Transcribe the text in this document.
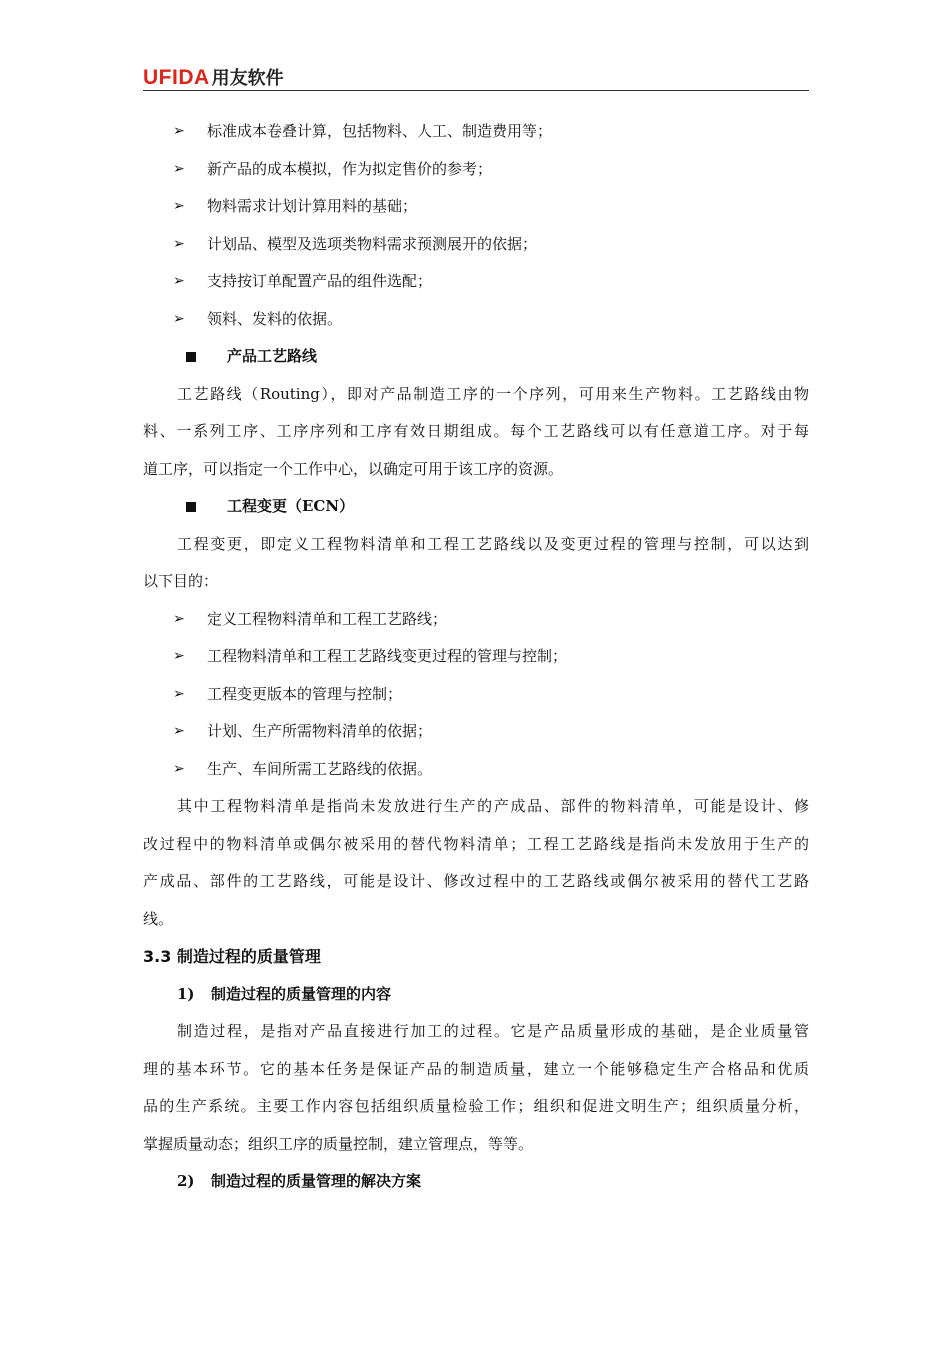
UFIDA 用友软件
➢	标准成本卷叠计算，包括物料、人工、制造费用等；
➢	新产品的成本模拟，作为拟定售价的参考；
➢	物料需求计划计算用料的基础；
➢	计划品、模型及选项类物料需求预测展开的依据；
➢	支持按订单配置产品的组件选配；
➢	领料、发料的依据。
产品工艺路线
工艺路线（Routing），即对产品制造工序的一个序列，可用来生产物料。工艺路线由物
料、一系列工序、工序序列和工序有效日期组成。每个工艺路线可以有任意道工序。对于每
道工序，可以指定一个工作中心，以确定可用于该工序的资源。
工程变更（ECN）
工程变更，即定义工程物料清单和工程工艺路线以及变更过程的管理与控制，可以达到
以下目的：
➢	定义工程物料清单和工程工艺路线；
➢	工程物料清单和工程工艺路线变更过程的管理与控制；
➢	工程变更版本的管理与控制；
➢	计划、生产所需物料清单的依据；
➢	生产、车间所需工艺路线的依据。
其中工程物料清单是指尚未发放进行生产的产成品、部件的物料清单，可能是设计、修
改过程中的物料清单或偶尔被采用的替代物料清单；工程工艺路线是指尚未发放用于生产的
产成品、部件的工艺路线，可能是设计、修改过程中的工艺路线或偶尔被采用的替代工艺路
线。
3.3 制造过程的质量管理
1)	制造过程的质量管理的内容
制造过程，是指对产品直接进行加工的过程。它是产品质量形成的基础，是企业质量管
理的基本环节。它的基本任务是保证产品的制造质量，建立一个能够稳定生产合格品和优质
品的生产系统。主要工作内容包括组织质量检验工作；组织和促进文明生产；组织质量分析，
掌握质量动态；组织工序的质量控制，建立管理点，等等。
2)	制造过程的质量管理的解决方案
